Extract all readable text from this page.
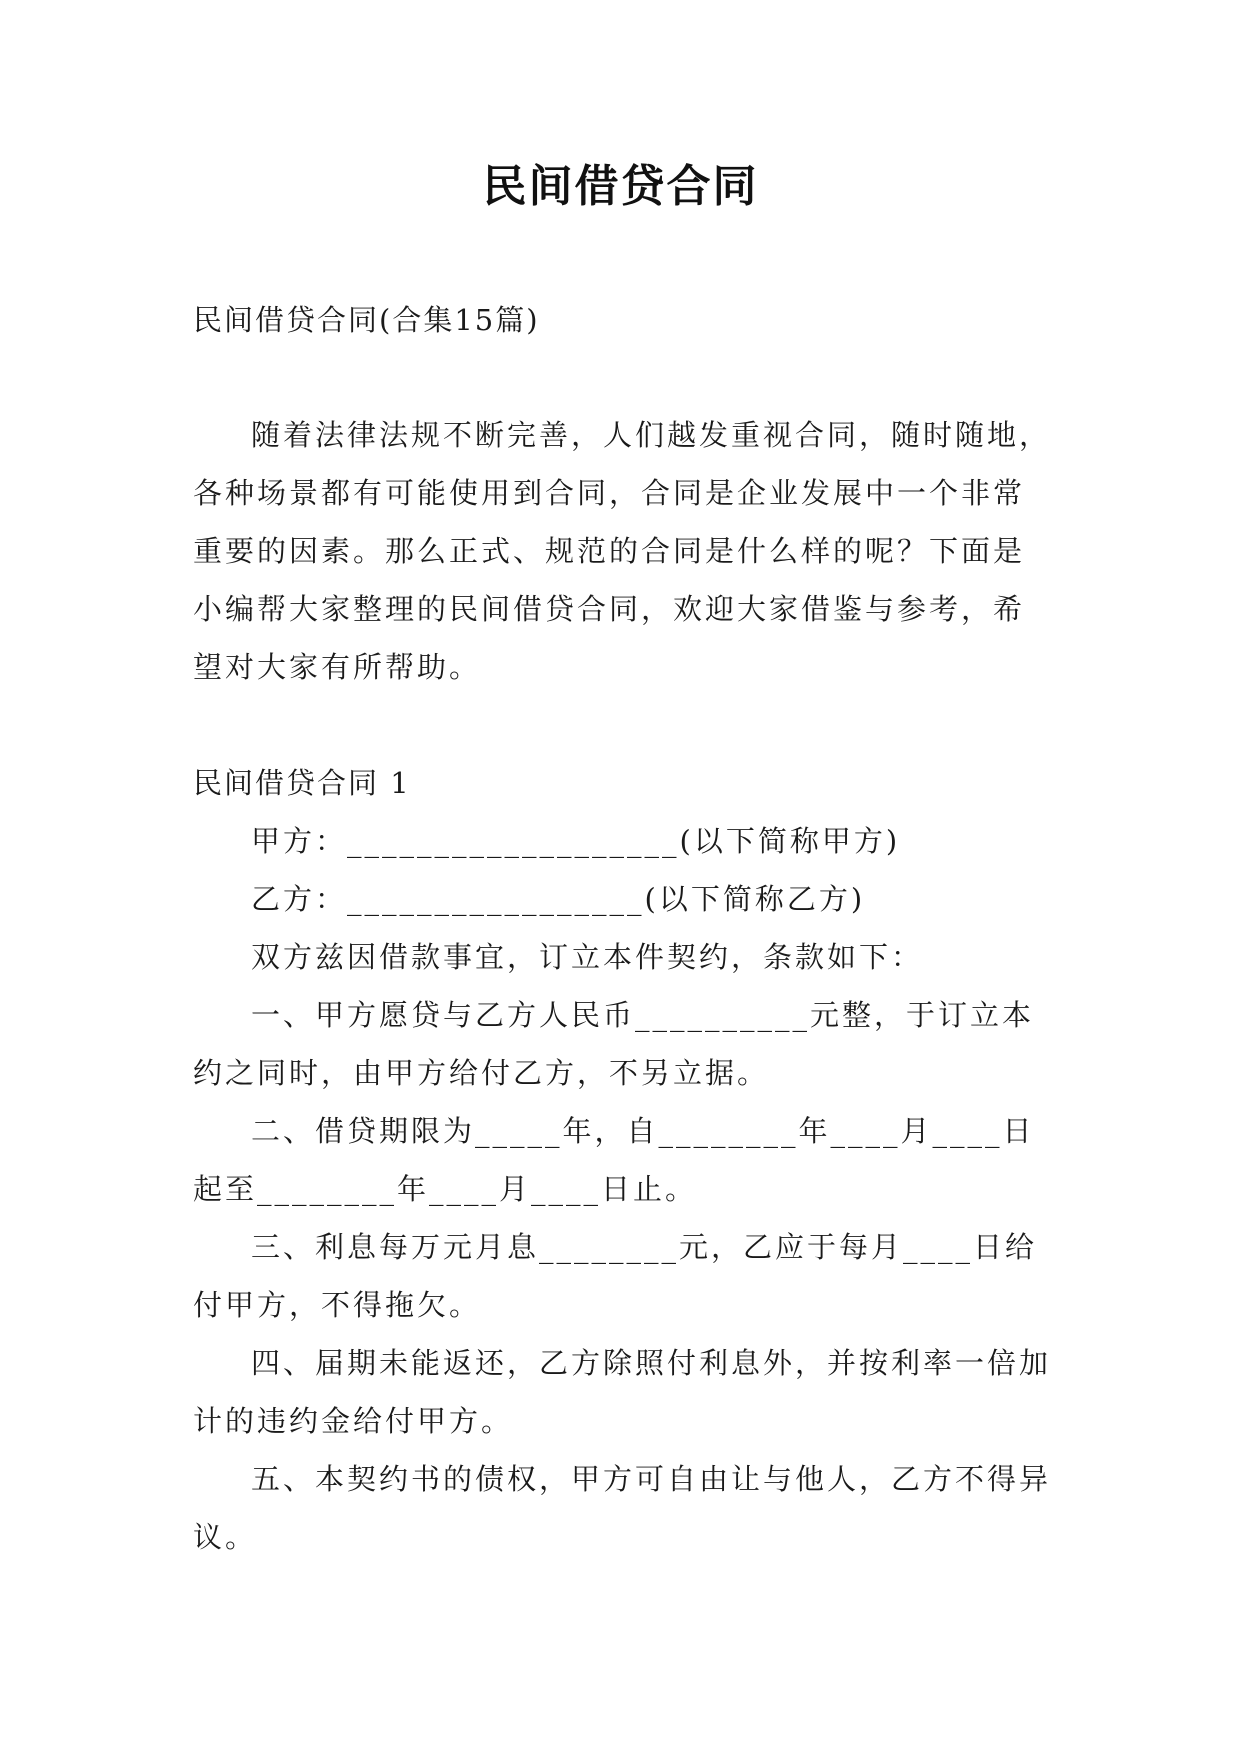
民间借贷合同
民间借贷合同(合集15篇)

随着法律法规不断完善，人们越发重视合同，随时随地，各种场景都有可能使用到合同，合同是企业发展中一个非常重要的因素。那么正式、规范的合同是什么样的呢？下面是小编帮大家整理的民间借贷合同，欢迎大家借鉴与参考，希望对大家有所帮助。

民间借贷合同 1

甲方：___________________(以下简称甲方)

乙方：_________________(以下简称乙方)

双方兹因借款事宜，订立本件契约，条款如下：

一、甲方愿贷与乙方人民币__________元整，于订立本约之同时，由甲方给付乙方，不另立据。

二、借贷期限为_____年，自________年____月____日起至________年____月____日止。

三、利息每万元月息________元，乙应于每月____日给付甲方，不得拖欠。

四、届期未能返还，乙方除照付利息外，并按利率一倍加计的违约金给付甲方。

五、本契约书的债权，甲方可自由让与他人，乙方不得异议。
